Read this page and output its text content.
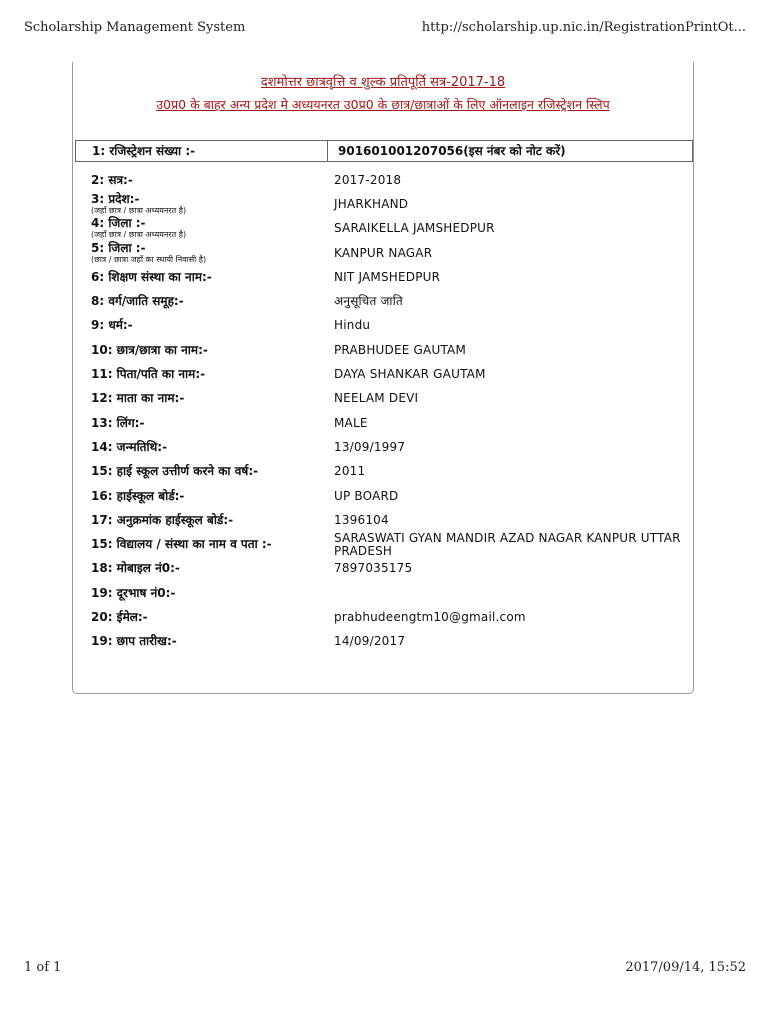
Scholarship Management System	http://scholarship.up.nic.in/RegistrationPrintOt...
दशमोत्तर छात्रवृत्ति व शुल्क प्रतिपूर्ति सत्र-2017-18
उ0प्र0 के बाहर अन्य प्रदेश मे अध्ययनरत उ0प्र0 के छात्र/छात्राओं के लिए ऑनलाइन रजिस्ट्रेशन स्लिप
1: रजिस्ट्रेशन संख्या :-	901601001207056(इस नंबर को नोट करें)
2: सत्र:-	2017-2018
3: प्रदेश:-
(जहाँ छात्र / छात्रा अध्ययनरत है)	JHARKHAND
4: जिला :-
(जहाँ छात्र / छात्रा अध्ययनरत है)	SARAIKELLA JAMSHEDPUR
5: जिला :-
(छात्र / छात्रा जहाँ का स्थायी निवासी है)	KANPUR NAGAR
6: शिक्षण संस्था का नाम:-	NIT JAMSHEDPUR
8: वर्ग/जाति समूह:-	अनुसूचित जाति
9: धर्म:-	Hindu
10: छात्र/छात्रा का नाम:-	PRABHUDEE GAUTAM
11: पिता/पति का नाम:-	DAYA SHANKAR GAUTAM
12: माता का नाम:-	NEELAM DEVI
13: लिंग:-	MALE
14: जन्मतिथि:-	13/09/1997
15: हाई स्कूल उत्तीर्ण करने का वर्ष:-	2011
16: हाईस्कूल बोर्ड:-	UP BOARD
17: अनुक्रमांक हाईस्कूल बोर्ड:-	1396104
15: विद्यालय / संस्था का नाम व पता :-	SARASWATI GYAN MANDIR AZAD NAGAR KANPUR UTTAR PRADESH
18: मोबाइल नं0:-	7897035175
19: दूरभाष नं0:-
20: ईमेल:-	prabhudeengtm10@gmail.com
19: छाप तारीख:-	14/09/2017
1 of 1	2017/09/14, 15:52
